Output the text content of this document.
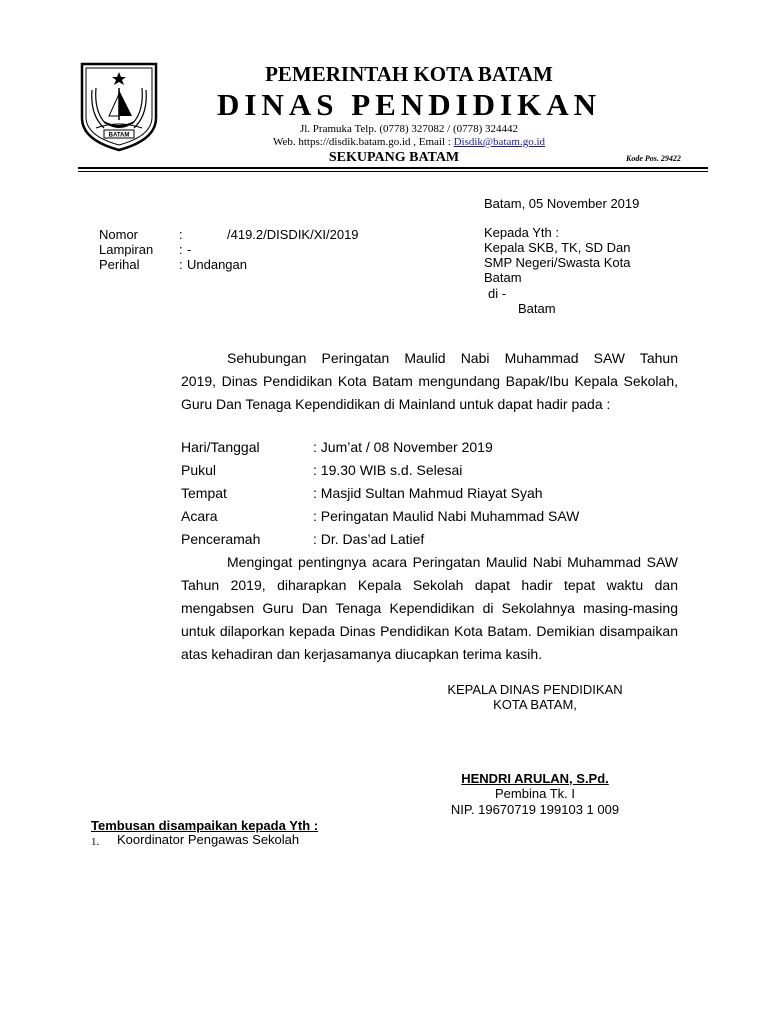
BATAM
PEMERINTAH KOTA BATAM
DINAS PENDIDIKAN
Jl. Pramuka Telp. (0778) 327082 / (0778) 324442
Web. https://disdik.batam.go.id , Email : Disdik@batam.go.id
SEKUPANG BATAM	Kode Pos. 29422
Batam, 05 November 2019
Nomor	:	/419.2/DISDIK/XI/2019
Lampiran : -
Perihal	: Undangan
Kepada Yth :
Kepala SKB, TK, SD Dan
SMP Negeri/Swasta Kota
Batam
di -
Batam
Sehubungan Peringatan Maulid Nabi Muhammad SAW Tahun
2019, Dinas Pendidikan Kota Batam mengundang Bapak/Ibu Kepala Sekolah, Guru Dan Tenaga Kependidikan di Mainland untuk dapat hadir pada :
Hari/Tanggal	: Jum’at / 08 November 2019
Pukul	: 19.30 WIB s.d. Selesai
Tempat	: Masjid Sultan Mahmud Riayat Syah
Acara	: Peringatan Maulid Nabi Muhammad SAW
Penceramah	: Dr. Das’ad Latief
Mengingat pentingnya acara Peringatan Maulid Nabi Muhammad SAW Tahun 2019, diharapkan Kepala Sekolah dapat hadir tepat waktu dan mengabsen Guru Dan Tenaga Kependidikan di Sekolahnya masing-masing untuk dilaporkan kepada Dinas Pendidikan Kota Batam. Demikian disampaikan atas kehadiran dan kerjasamanya diucapkan terima kasih.
KEPALA DINAS PENDIDIKAN
KOTA BATAM,
HENDRI ARULAN, S.Pd.
Pembina Tk. I
NIP. 19670719 199103 1 009
Tembusan disampaikan kepada Yth :
1. Koordinator Pengawas Sekolah
